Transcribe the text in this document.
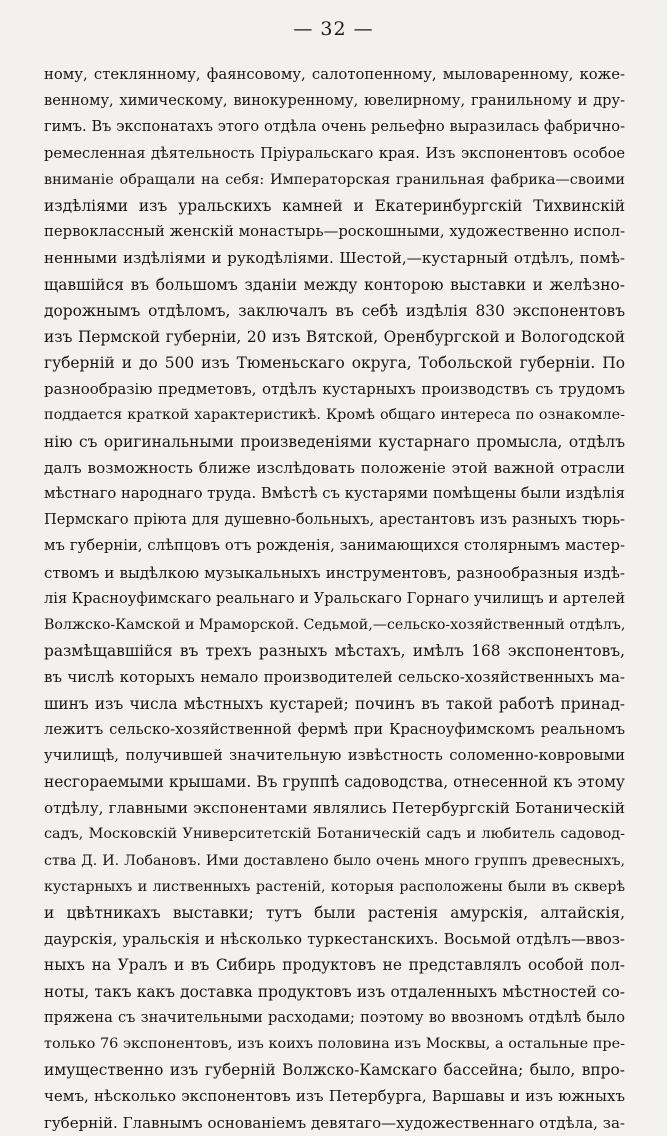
— 32 —
ному, стеклянному, фаянсовому, салотопенному, мыловаренному, коже-
венному, химическому, винокуренному, ювелирному, гранильному и дру-
гимъ. Въ экспонатахъ этого отдѣла очень рельефно выразилась фабрично-
ремесленная дѣятельность Пріуральскаго края. Изъ экспонентовъ особое
вниманіе обращали на себя: Императорская гранильная фабрика—своими
издѣліями изъ уральскихъ камней и Екатеринбургскій Тихвинскій
первоклассный женскій монастырь—роскошными, художественно испол-
ненными издѣліями и рукодѣліями. Шестой,—кустарный отдѣлъ, помѣ-
щавшійся въ большомъ зданіи между конторою выставки и желѣзно-
дорожнымъ отдѣломъ, заключалъ въ себѣ издѣлія 830 экспонентовъ
изъ Пермской губерніи, 20 изъ Вятской, Оренбургской и Вологодской
губерній и до 500 изъ Тюменьскаго округа, Тобольской губерніи. По
разнообразію предметовъ, отдѣлъ кустарныхъ производствъ съ трудомъ
поддается краткой характеристикѣ. Кромѣ общаго интереса по ознакомле-
нію съ оригинальными произведеніями кустарнаго промысла, отдѣлъ
далъ возможность ближе изслѣдовать положеніе этой важной отрасли
мѣстнаго народнаго труда. Вмѣстѣ съ кустарями помѣщены были издѣлія
Пермскаго пріюта для душевно-больныхъ, арестантовъ изъ разныхъ тюрь-
мъ губерніи, слѣпцовъ отъ рожденія, занимающихся столярнымъ мастер-
ствомъ и выдѣлкою музыкальныхъ инструментовъ, разнообразныя издѣ-
лія Красноуфимскаго реальнаго и Уральскаго Горнаго училищъ и артелей
Волжско-Камской и Мраморской. Седьмой,—сельско-хозяйственный отдѣлъ,
размѣщавшійся въ трехъ разныхъ мѣстахъ, имѣлъ 168 экспонентовъ,
въ числѣ которыхъ немало производителей сельско-хозяйственныхъ ма-
шинъ изъ числа мѣстныхъ кустарей; починъ въ такой работѣ принад-
лежитъ сельско-хозяйственной фермѣ при Красноуфимскомъ реальномъ
училищѣ, получившей значительную извѣстность соломенно-ковровыми
несгораемыми крышами. Въ группѣ садоводства, отнесенной къ этому
отдѣлу, главными экспонентами являлись Петербургскій Ботаническій
садъ, Московскій Университетскій Ботаническій садъ и любитель садовод-
ства Д. И. Лобановъ. Ими доставлено было очень много группъ древесныхъ,
кустарныхъ и лиственныхъ растеній, которыя расположены были въ скверѣ
и цвѣтникахъ выставки; тутъ были растенія амурскія, алтайскія,
даурскія, уральскія и нѣсколько туркестанскихъ. Восьмой отдѣлъ—ввоз-
ныхъ на Уралъ и въ Сибирь продуктовъ не представлялъ особой пол-
ноты, такъ какъ доставка продуктовъ изъ отдаленныхъ мѣстностей со-
пряжена съ значительными расходами; поэтому во ввозномъ отдѣлѣ было
только 76 экспонентовъ, изъ коихъ половина изъ Москвы, а остальные пре-
имущественно изъ губерній Волжско-Камскаго бассейна; было, впро-
чемъ, нѣсколько экспонентовъ изъ Петербурга, Варшавы и изъ южныхъ
губерній. Главнымъ основаніемъ девятаго—художественнаго отдѣла, за-
